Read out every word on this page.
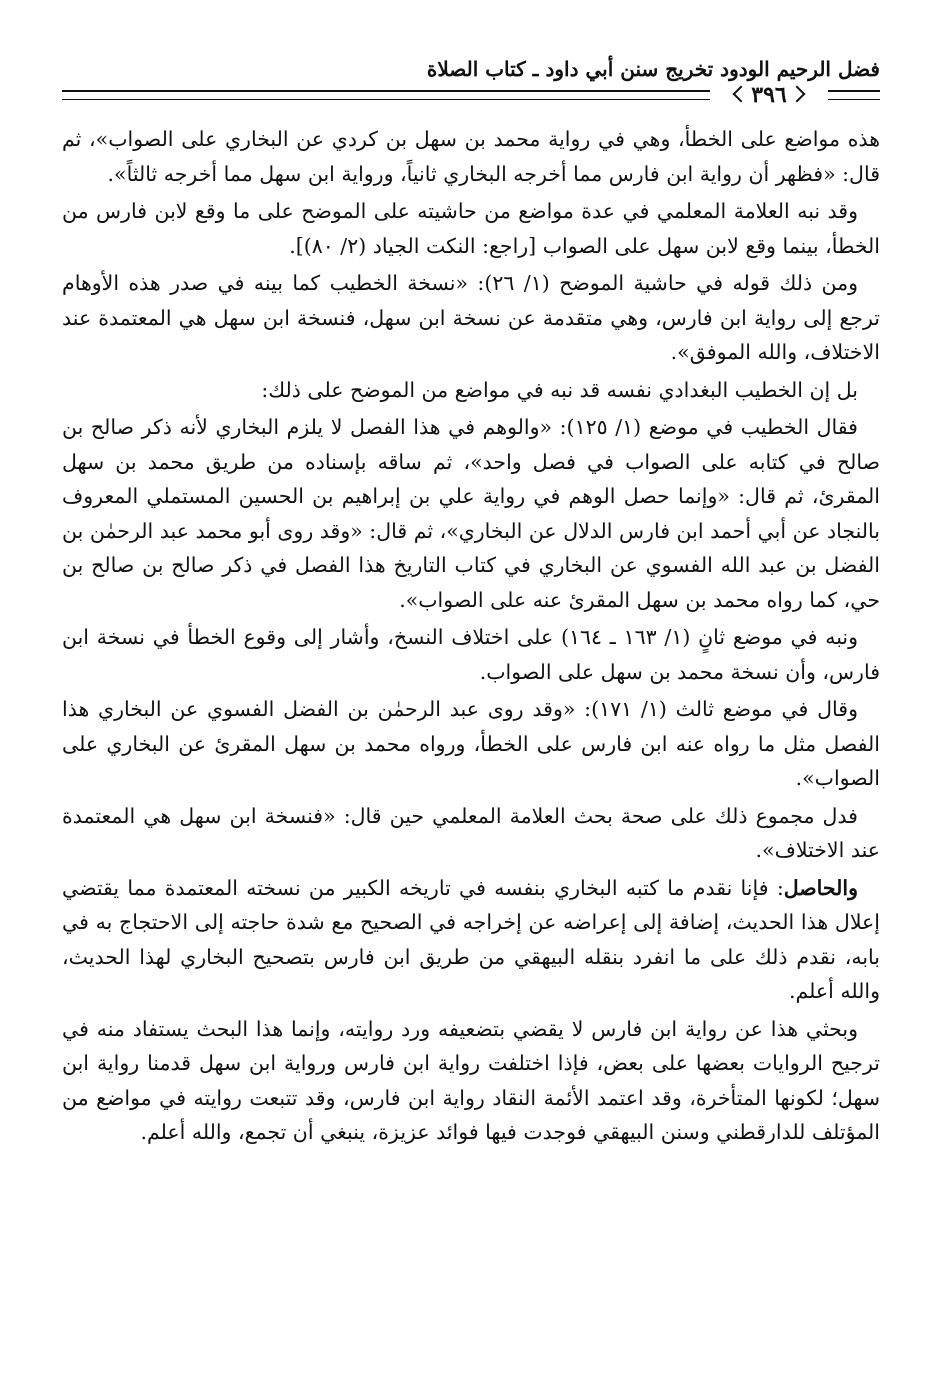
فضل الرحيم الودود تخريج سنن أبي داود ـ كتاب الصلاة
٣٩٦

هذه مواضع على الخطأ، وهي في رواية محمد بن سهل بن كردي عن البخاري على الصواب»، ثم قال: «فظهر أن رواية ابن فارس مما أخرجه البخاري ثانياً، ورواية ابن سهل مما أخرجه ثالثاً».

وقد نبه العلامة المعلمي في عدة مواضع من حاشيته على الموضح على ما وقع لابن فارس من الخطأ، بينما وقع لابن سهل على الصواب [راجع: النكت الجياد (٢/ ٨٠)].

ومن ذلك قوله في حاشية الموضح (١/ ٢٦): «نسخة الخطيب كما بينه في صدر هذه الأوهام ترجع إلى رواية ابن فارس، وهي متقدمة عن نسخة ابن سهل، فنسخة ابن سهل هي المعتمدة عند الاختلاف، والله الموفق».

بل إن الخطيب البغدادي نفسه قد نبه في مواضع من الموضح على ذلك:

فقال الخطيب في موضع (١/ ١٢٥): «والوهم في هذا الفصل لا يلزم البخاري لأنه ذكر صالح بن صالح في كتابه على الصواب في فصل واحد»، ثم ساقه بإسناده من طريق محمد بن سهل المقرئ، ثم قال: «وإنما حصل الوهم في رواية علي بن إبراهيم بن الحسين المستملي المعروف بالنجاد عن أبي أحمد ابن فارس الدلال عن البخاري»، ثم قال: «وقد روى أبو محمد عبد الرحمٰن بن الفضل بن عبد الله الفسوي عن البخاري في كتاب التاريخ هذا الفصل في ذكر صالح بن صالح بن حي، كما رواه محمد بن سهل المقرئ عنه على الصواب».

ونبه في موضع ثانٍ (١/ ١٦٣ ـ ١٦٤) على اختلاف النسخ، وأشار إلى وقوع الخطأ في نسخة ابن فارس، وأن نسخة محمد بن سهل على الصواب.

وقال في موضع ثالث (١/ ١٧١): «وقد روى عبد الرحمٰن بن الفضل الفسوي عن البخاري هذا الفصل مثل ما رواه عنه ابن فارس على الخطأ، ورواه محمد بن سهل المقرئ عن البخاري على الصواب».

فدل مجموع ذلك على صحة بحث العلامة المعلمي حين قال: «فنسخة ابن سهل هي المعتمدة عند الاختلاف».

والحاصل: فإنا نقدم ما كتبه البخاري بنفسه في تاريخه الكبير من نسخته المعتمدة مما يقتضي إعلال هذا الحديث، إضافة إلى إعراضه عن إخراجه في الصحيح مع شدة حاجته إلى الاحتجاج به في بابه، نقدم ذلك على ما انفرد بنقله البيهقي من طريق ابن فارس بتصحيح البخاري لهذا الحديث، والله أعلم.

وبحثي هذا عن رواية ابن فارس لا يقضي بتضعيفه ورد روايته، وإنما هذا البحث يستفاد منه في ترجيح الروايات بعضها على بعض، فإذا اختلفت رواية ابن فارس ورواية ابن سهل قدمنا رواية ابن سهل؛ لكونها المتأخرة، وقد اعتمد الأئمة النقاد رواية ابن فارس، وقد تتبعت روايته في مواضع من المؤتلف للدارقطني وسنن البيهقي فوجدت فيها فوائد عزيزة، ينبغي أن تجمع، والله أعلم.
